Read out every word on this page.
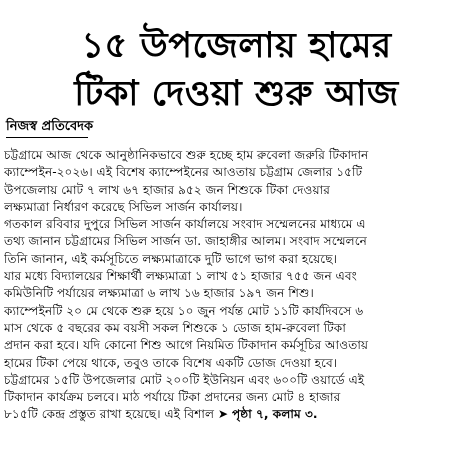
১৫ উপজেলায় হামের
টিকা দেওয়া শুরু আজ
নিজস্ব প্রতিবেদক
চট্টগ্রামে আজ থেকে আনুষ্ঠানিকভাবে শুরু হচ্ছে হাম রুবেলা জরুরি টিকাদান
ক্যাম্পেইন-২০২৬। এই বিশেষ ক্যাম্পেইনের আওতায় চট্টগ্রাম জেলার ১৫টি
উপজেলায় মোট ৭ লাখ ৬৭ হাজার ৯৫২ জন শিশুকে টিকা দেওয়ার
লক্ষ্যমাত্রা নির্ধারণ করেছে সিভিল সার্জন কার্যালয়।
গতকাল রবিবার দুপুরে সিভিল সার্জন কার্যালয়ে সংবাদ সম্মেলনের মাধ্যমে এ
তথ্য জানান চট্টগ্রামের সিভিল সার্জন ডা. জাহাঙ্গীর আলম। সংবাদ সম্মেলনে
তিনি জানান, এই কর্মসূচিতে লক্ষ্যমাত্রাকে দুটি ভাগে ভাগ করা হয়েছে।
যার মধ্যে বিদ্যালয়ের শিক্ষার্থী লক্ষ্যমাত্রা ১ লাখ ৫১ হাজার ৭৫৫ জন এবং
কমিউনিটি পর্যায়ের লক্ষ্যমাত্রা ৬ লাখ ১৬ হাজার ১৯৭ জন শিশু।
ক্যাম্পেইনটি ২০ মে থেকে শুরু হয়ে ১০ জুন পর্যন্ত মোট ১১টি কার্যদিবসে ৬
মাস থেকে ৫ বছরের কম বয়সী সকল শিশুকে ১ ডোজ হাম-রুবেলা টিকা
প্রদান করা হবে। যদি কোনো শিশু আগে নিয়মিত টিকাদান কর্মসূচির আওতায়
হামের টিকা পেয়ে থাকে, তবুও তাকে বিশেষ একটি ডোজ দেওয়া হবে।
চট্টগ্রামের ১৫টি উপজেলার মোট ২০০টি ইউনিয়ন এবং ৬০০টি ওয়ার্ডে এই
টিকাদান কার্যক্রম চলবে। মাঠ পর্যায়ে টিকা প্রদানের জন্য মোট ৪ হাজার
৮১৫টি কেন্দ্র প্রস্তুত রাখা হয়েছে। এই বিশাল ➤ পৃষ্ঠা ৭, কলাম ৩.
